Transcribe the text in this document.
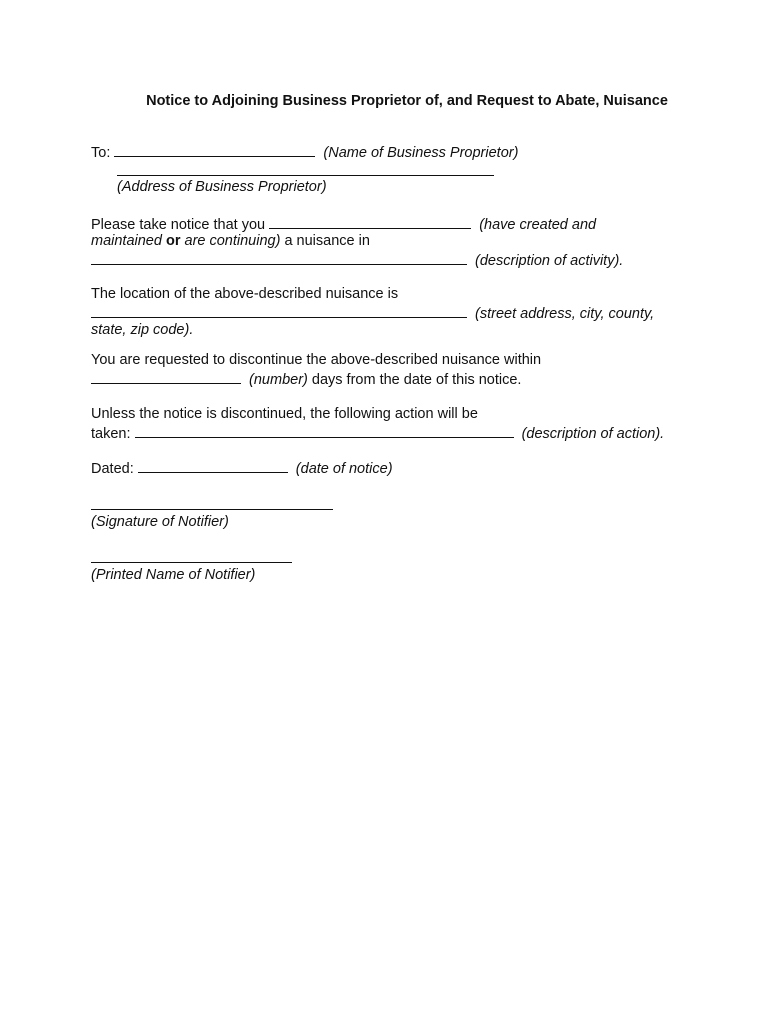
Notice to Adjoining Business Proprietor of, and Request to Abate, Nuisance
To:	(Name of Business Proprietor)
(Address of Business Proprietor)
Please take notice that you	(have created and
maintained or are continuing) a nuisance in
(description of activity).
The location of the above-described nuisance is
(street address, city, county,
state, zip code).
You are requested to discontinue the above-described nuisance within
(number) days from the date of this notice.
Unless the notice is discontinued, the following action will be
taken:	(description of action).
Dated:	(date of notice)
(Signature of Notifier)
(Printed Name of Notifier)
